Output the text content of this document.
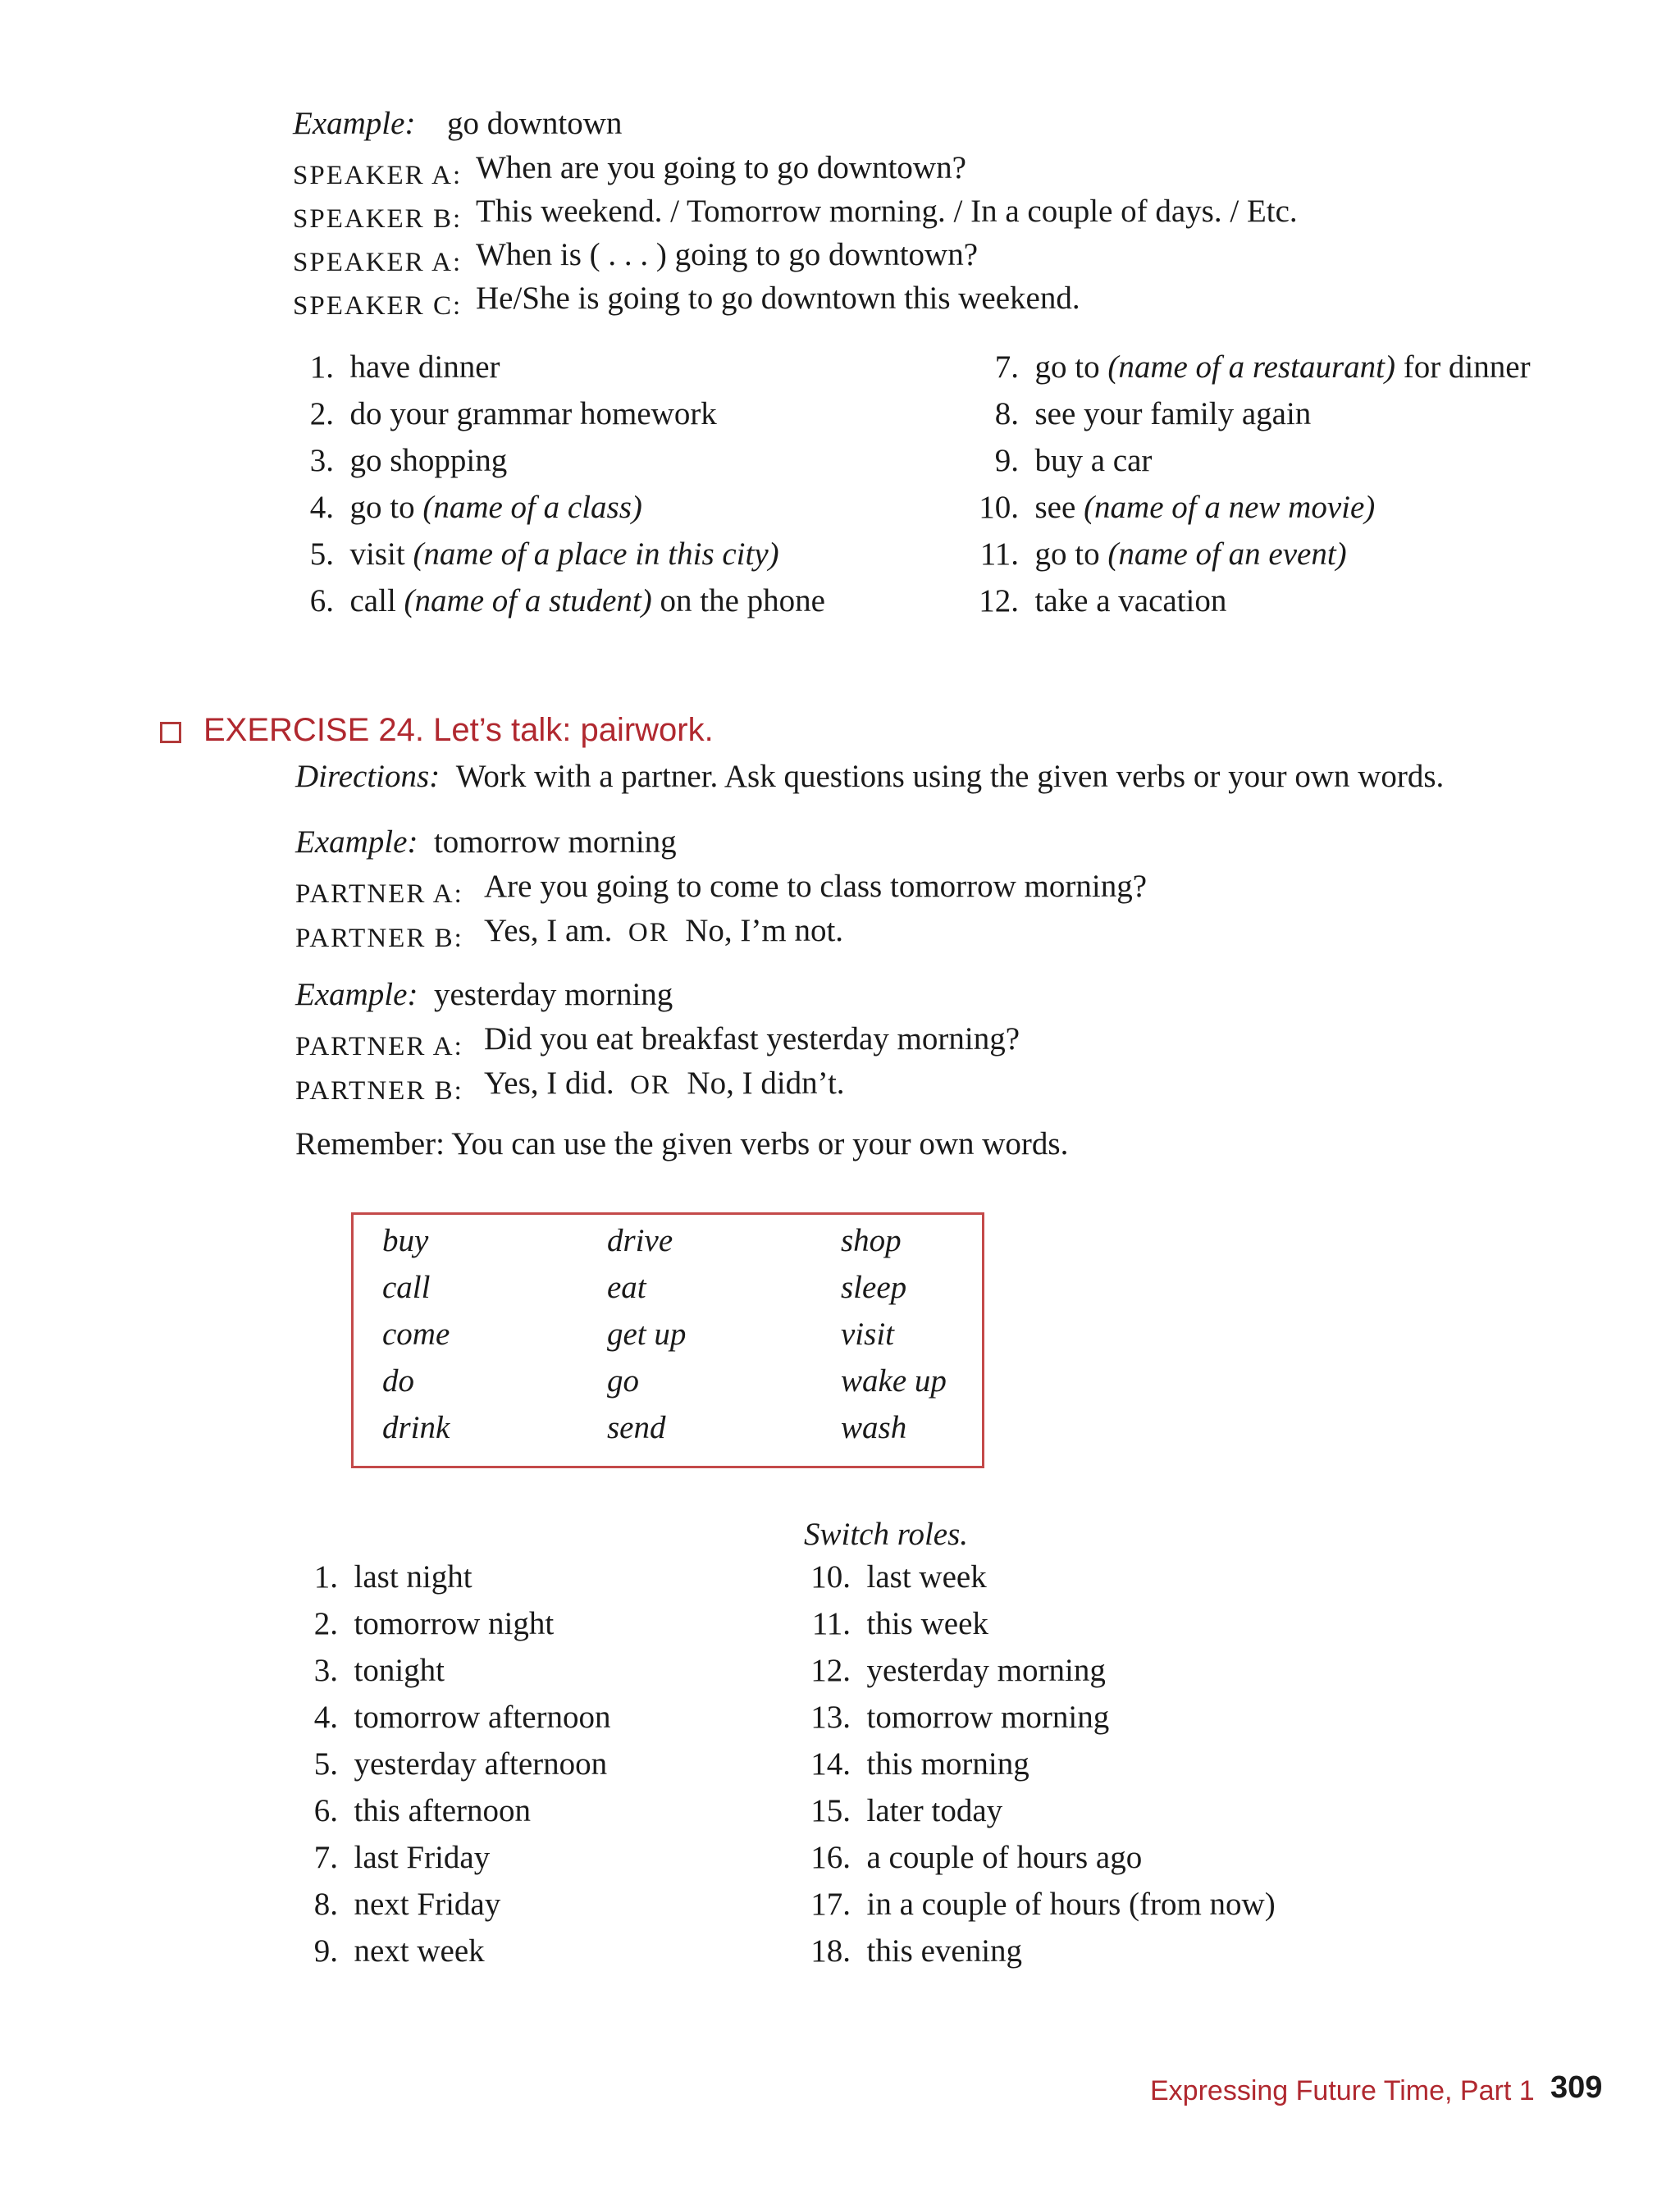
Example: go downtown
SPEAKER A: When are you going to go downtown?
SPEAKER B: This weekend. / Tomorrow morning. / In a couple of days. / Etc.
SPEAKER A: When is ( . . . ) going to go downtown?
SPEAKER C: He/She is going to go downtown this weekend.
1. have dinner
2. do your grammar homework
3. go shopping
4. go to (name of a class)
5. visit (name of a place in this city)
6. call (name of a student) on the phone
7. go to (name of a restaurant) for dinner
8. see your family again
9. buy a car
10. see (name of a new movie)
11. go to (name of an event)
12. take a vacation
EXERCISE 24. Let’s talk: pairwork.
Directions: Work with a partner. Ask questions using the given verbs or your own words.
Example: tomorrow morning
PARTNER A: Are you going to come to class tomorrow morning?
PARTNER B: Yes, I am. OR No, I’m not.
Example: yesterday morning
PARTNER A: Did you eat breakfast yesterday morning?
PARTNER B: Yes, I did. OR No, I didn’t.
Remember: You can use the given verbs or your own words.
buy
call
come
do
drink
drive
eat
get up
go
send
shop
sleep
visit
wake up
wash
Switch roles.
1. last night
2. tomorrow night
3. tonight
4. tomorrow afternoon
5. yesterday afternoon
6. this afternoon
7. last Friday
8. next Friday
9. next week
10. last week
11. this week
12. yesterday morning
13. tomorrow morning
14. this morning
15. later today
16. a couple of hours ago
17. in a couple of hours (from now)
18. this evening
Expressing Future Time, Part 1 309
